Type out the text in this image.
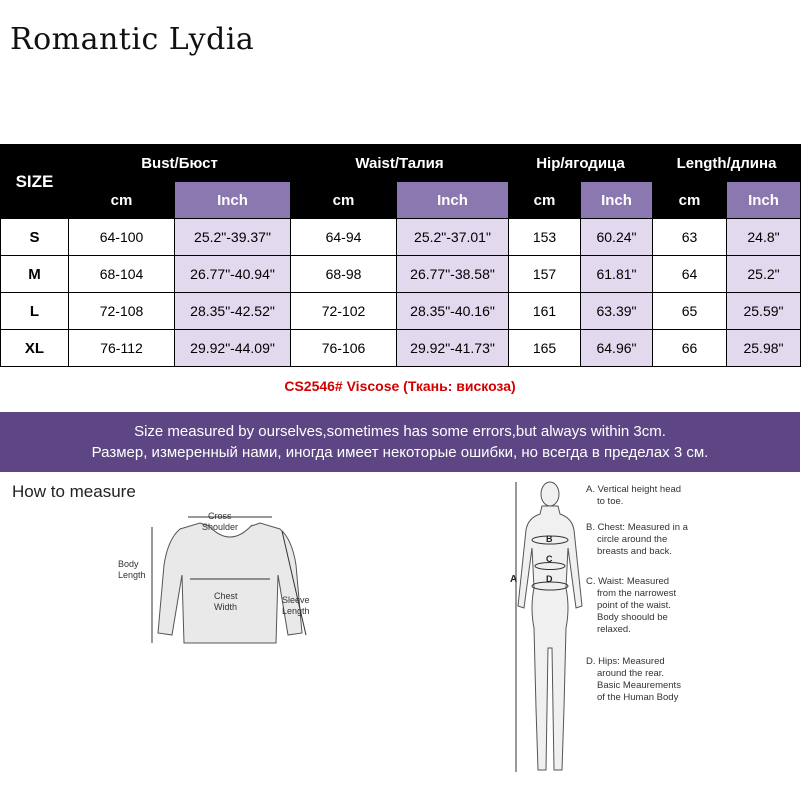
Romantic Lydia
SIZE	Bust/Бюст		Waist/Талия		Hip/ягодица		Length/длина	
	cm	Inch	cm	Inch	cm	Inch	cm	Inch
S	64-100	25.2"-39.37"	64-94	25.2"-37.01"	153	60.24"	63	24.8"
M	68-104	26.77"-40.94"	68-98	26.77"-38.58"	157	61.81"	64	25.2"
L	72-108	28.35"-42.52"	72-102	28.35"-40.16"	161	63.39"	65	25.59"
XL	76-112	29.92"-44.09"	76-106	29.92"-41.73"	165	64.96"	66	25.98"
CS2546# Viscose (Ткань: вискоза)
Size measured by ourselves,sometimes has some errors,but always within 3cm.
Размер, измеренный нами, иногда имеет некоторые ошибки, но всегда в пределах 3 см.
How to measure
Cross
Shoulder
Body
Length
Chest
Width
Sleeve
Length
A
B
C
D
A. Vertical height head
to toe.
B. Chest: Measured in a
circle around the
breasts and back.
C. Waist: Measured
from the narrowest
point of the waist.
Body shoould be
relaxed.
D. Hips: Measured
around the rear.
Basic Meaurements
of the Human Body
